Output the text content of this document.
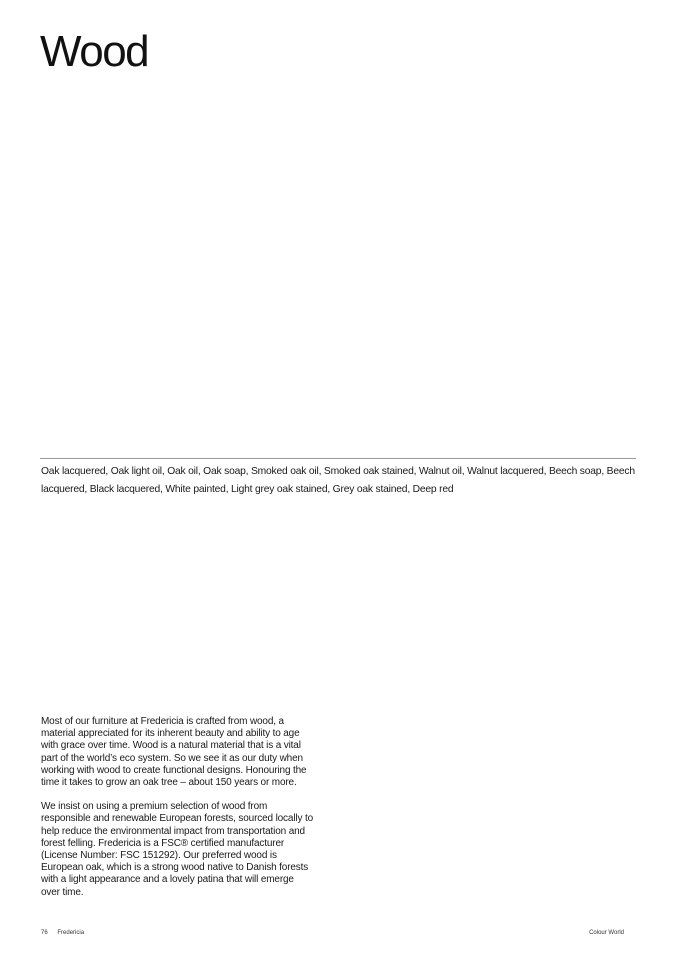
Wood

Oak lacquered, Oak light oil, Oak oil, Oak soap, Smoked oak oil, Smoked oak stained, Walnut oil, Walnut lacquered, Beech soap, Beech lacquered, Black lacquered, White painted, Light grey oak stained, Grey oak stained, Deep red

Most of our furniture at Fredericia is crafted from wood, a material appreciated for its inherent beauty and ability to age with grace over time. Wood is a natural material that is a vital part of the world’s eco system. So we see it as our duty when working with wood to create functional designs. Honouring the time it takes to grow an oak tree – about 150 years or more.

We insist on using a premium selection of wood from responsible and renewable European forests, sourced locally to help reduce the environmental impact from transportation and forest felling. Fredericia is a FSC® certified manufacturer (License Number: FSC 151292). Our preferred wood is European oak, which is a strong wood native to Danish forests with a light appearance and a lovely patina that will emerge over time.

76 Fredericia	Colour World
